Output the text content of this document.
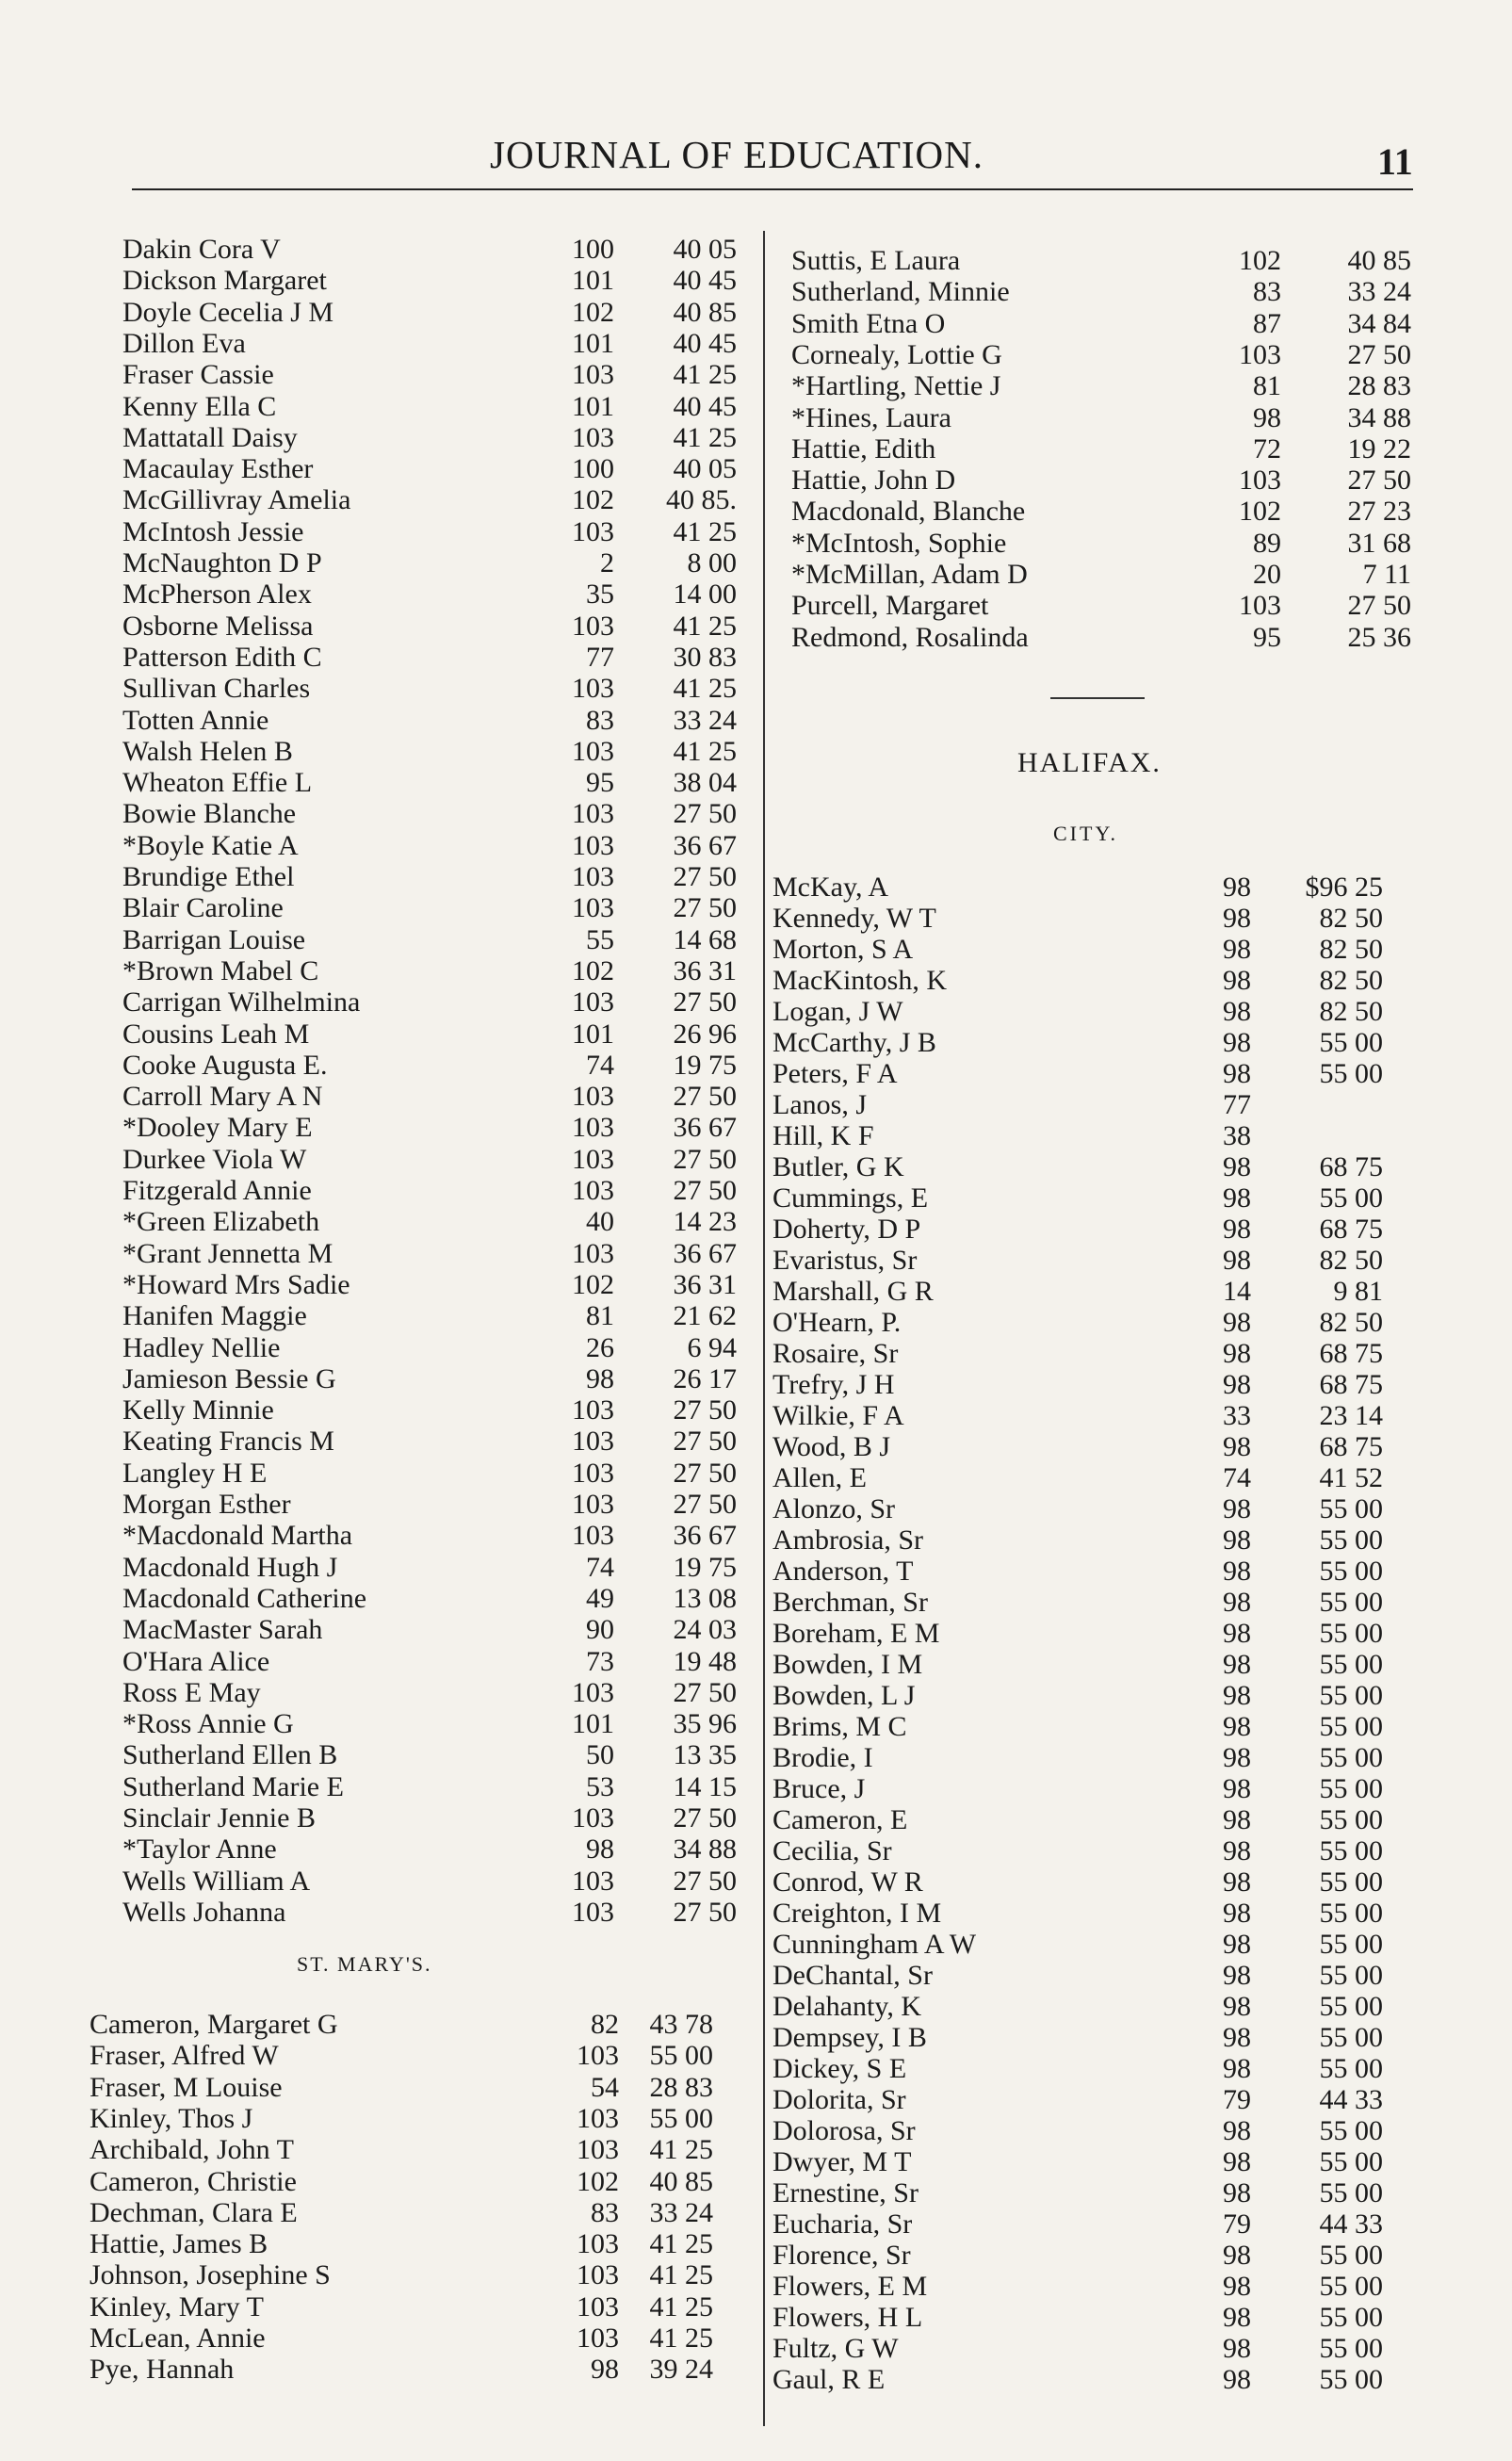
JOURNAL OF EDUCATION.	11
Dakin Cora V	100 40 05
Dickson Margaret	101 40 45
Doyle Cecelia J M	102 40 85
Dillon Eva	101 40 45
Fraser Cassie	103 41 25
Kenny Ella C	101 40 45
Mattatall Daisy	103 41 25
Macaulay Esther	100 40 05
McGillivray Amelia	102 40 85.
McIntosh Jessie	103 41 25
McNaughton D P	2	8 00
McPherson Alex	35 14 00
Osborne Melissa	103 41 25
Patterson Edith C	77 30 83
Sullivan Charles	103 41 25
Totten Annie	83 33 24
Walsh Helen B	103 41 25
Wheaton Effie L	95 38 04
Bowie Blanche	103 27 50
*Boyle Katie A	103 36 67
Brundige Ethel	103 27 50
Blair Caroline	103 27 50
Barrigan Louise	55 14 68
*Brown Mabel C	102 36 31
Carrigan Wilhelmina	103 27 50
Cousins Leah M	101 26 96
Cooke Augusta E.	74 19 75
Carroll Mary A N	103 27 50
*Dooley Mary E	103 36 67
Durkee Viola W	103 27 50
Fitzgerald Annie	103 27 50
*Green Elizabeth	40 14 23
*Grant Jennetta M	103 36 67
*Howard Mrs Sadie	102 36 31
Hanifen Maggie	81 21 62
Hadley Nellie	26	6 94
Jamieson Bessie G	98 26 17
Kelly Minnie	103 27 50
Keating Francis M	103 27 50
Langley H E	103 27 50
Morgan Esther	103 27 50
*Macdonald Martha	103 36 67
Macdonald Hugh J	74 19 75
Macdonald Catherine	49 13 08
MacMaster Sarah	90 24 03
O'Hara Alice	73 19 48
Ross E May	103 27 50
*Ross Annie G	101 35 96
Sutherland Ellen B	50 13 35
Sutherland Marie E	53 14 15
Sinclair Jennie B	103 27 50
*Taylor Anne	98 34 88
Wells William A	103 27 50
Wells Johanna	103 27 50
ST. MARY'S.
Cameron, Margaret G	82 43 78
Fraser, Alfred W	103 55 00
Fraser, M Louise	54 28 83
Kinley, Thos J	103 55 00
Archibald, John T	103 41 25
Cameron, Christie	102 40 85
Dechman, Clara E	83 33 24
Hattie, James B	103 41 25
Johnson, Josephine S	103 41 25
Kinley, Mary T	103 41 25
McLean, Annie	103 41 25
Pye, Hannah	98 39 24
Suttis, E Laura	102 40 85
Sutherland, Minnie	83 33 24
Smith Etna O	87 34 84
Cornealy, Lottie G	103 27 50
*Hartling, Nettie J	81 28 83
*Hines, Laura	98 34 88
Hattie, Edith	72 19 22
Hattie, John D	103 27 50
Macdonald, Blanche	102 27 23
*McIntosh, Sophie	89 31 68
*McMillan, Adam D	20	7 11
Purcell, Margaret	103 27 50
Redmond, Rosalinda	95 25 36
HALIFAX.
CITY.
McKay, A	98 $96 25
Kennedy, W T	98 82 50
Morton, S A	98 82 50
MacKintosh, K	98 82 50
Logan, J W	98 82 50
McCarthy, J B	98 55 00
Peters, F A	98 55 00
Lanos, J	77
Hill, K F	38
Butler, G K	98 68 75
Cummings, E	98 55 00
Doherty, D P	98 68 75
Evaristus, Sr	98 82 50
Marshall, G R	14	9 81
O'Hearn, P.	98 82 50
Rosaire, Sr	98 68 75
Trefry, J H	98 68 75
Wilkie, F A	33 23 14
Wood, B J	98 68 75
Allen, E	74 41 52
Alonzo, Sr	98 55 00
Ambrosia, Sr	98 55 00
Anderson, T	98 55 00
Berchman, Sr	98 55 00
Boreham, E M	98 55 00
Bowden, I M	98 55 00
Bowden, L J	98 55 00
Brims, M C	98 55 00
Brodie, I	98 55 00
Bruce, J	98 55 00
Cameron, E	98 55 00
Cecilia, Sr	98 55 00
Conrod, W R	98 55 00
Creighton, I M	98 55 00
Cunningham A W	98 55 00
DeChantal, Sr	98 55 00
Delahanty, K	98 55 00
Dempsey, I B	98 55 00
Dickey, S E	98 55 00
Dolorita, Sr	79 44 33
Dolorosa, Sr	98 55 00
Dwyer, M T	98 55 00
Ernestine, Sr	98 55 00
Eucharia, Sr	79 44 33
Florence, Sr	98 55 00
Flowers, E M	98 55 00
Flowers, H L	98 55 00
Fultz, G W	98 55 00
Gaul, R E	98 55 00
